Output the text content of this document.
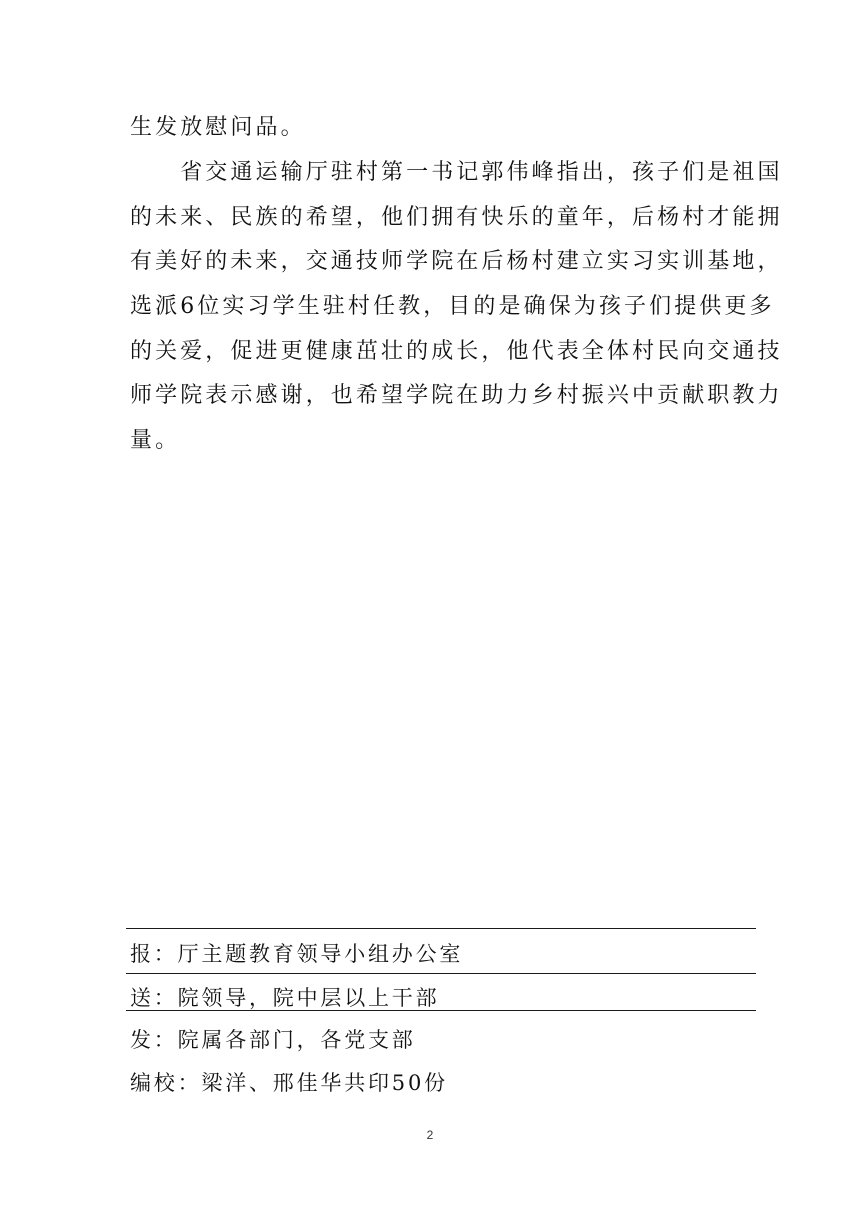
生发放慰问品。
　　省交通运输厅驻村第一书记郭伟峰指出，孩子们是祖国
的未来、民族的希望，他们拥有快乐的童年，后杨村才能拥
有美好的未来，交通技师学院在后杨村建立实习实训基地，
选派6位实习学生驻村任教，目的是确保为孩子们提供更多
的关爱，促进更健康茁壮的成长，他代表全体村民向交通技
师学院表示感谢，也希望学院在助力乡村振兴中贡献职教力
量。
报：厅主题教育领导小组办公室
送：院领导，院中层以上干部
发：院属各部门，各党支部
编校：梁洋、邢佳华共印50份
2
